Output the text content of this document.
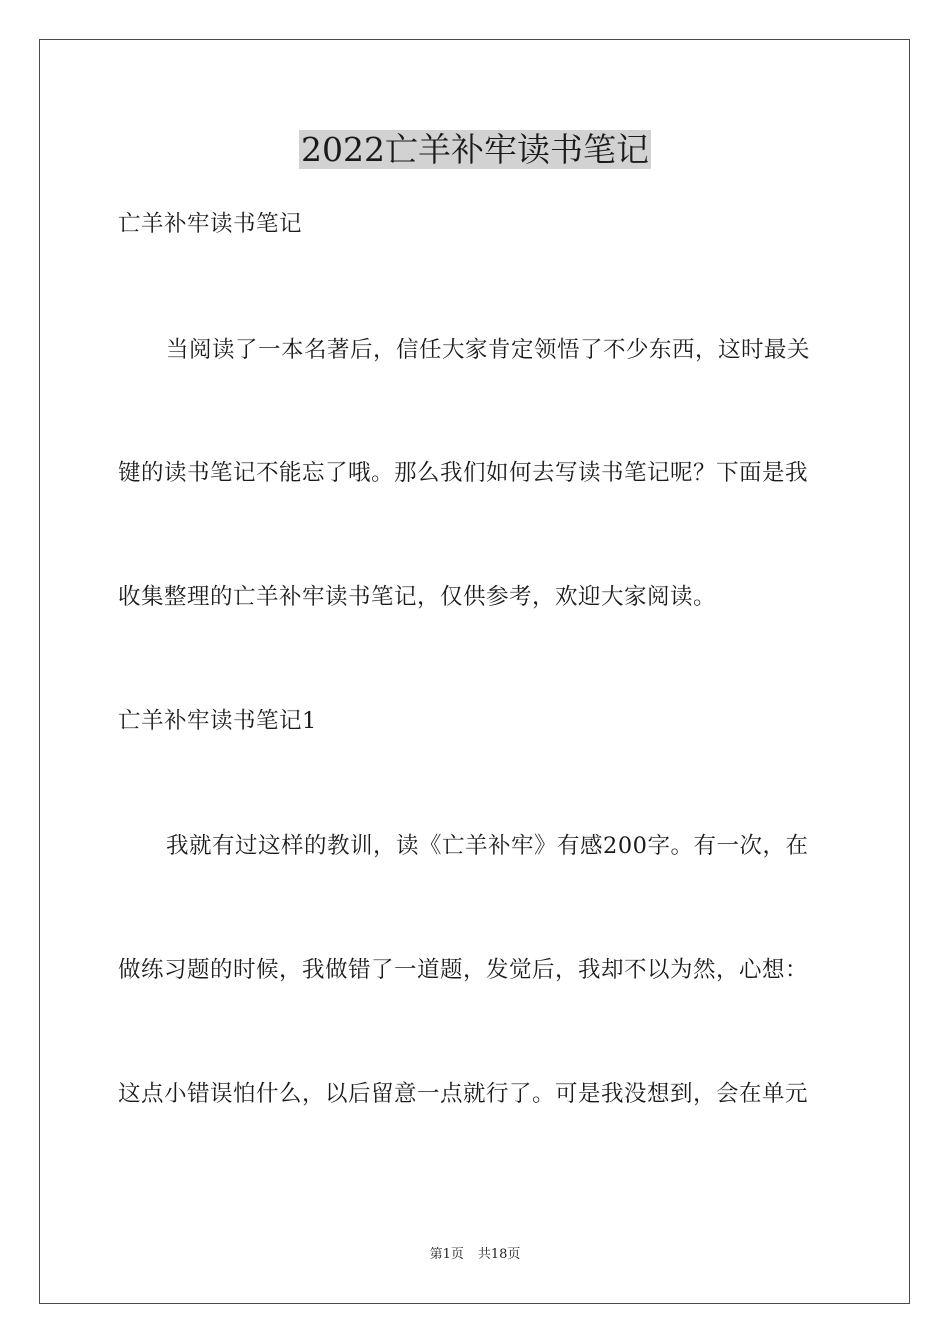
2022亡羊补牢读书笔记

亡羊补牢读书笔记

当阅读了一本名著后，信任大家肯定领悟了不少东西，这时最关

键的读书笔记不能忘了哦。那么我们如何去写读书笔记呢？下面是我

收集整理的亡羊补牢读书笔记，仅供参考，欢迎大家阅读。

亡羊补牢读书笔记1

我就有过这样的教训，读《亡羊补牢》有感200字。有一次，在

做练习题的时候，我做错了一道题，发觉后，我却不以为然，心想：

这点小错误怕什么，以后留意一点就行了。可是我没想到，会在单元

第1页 共18页
